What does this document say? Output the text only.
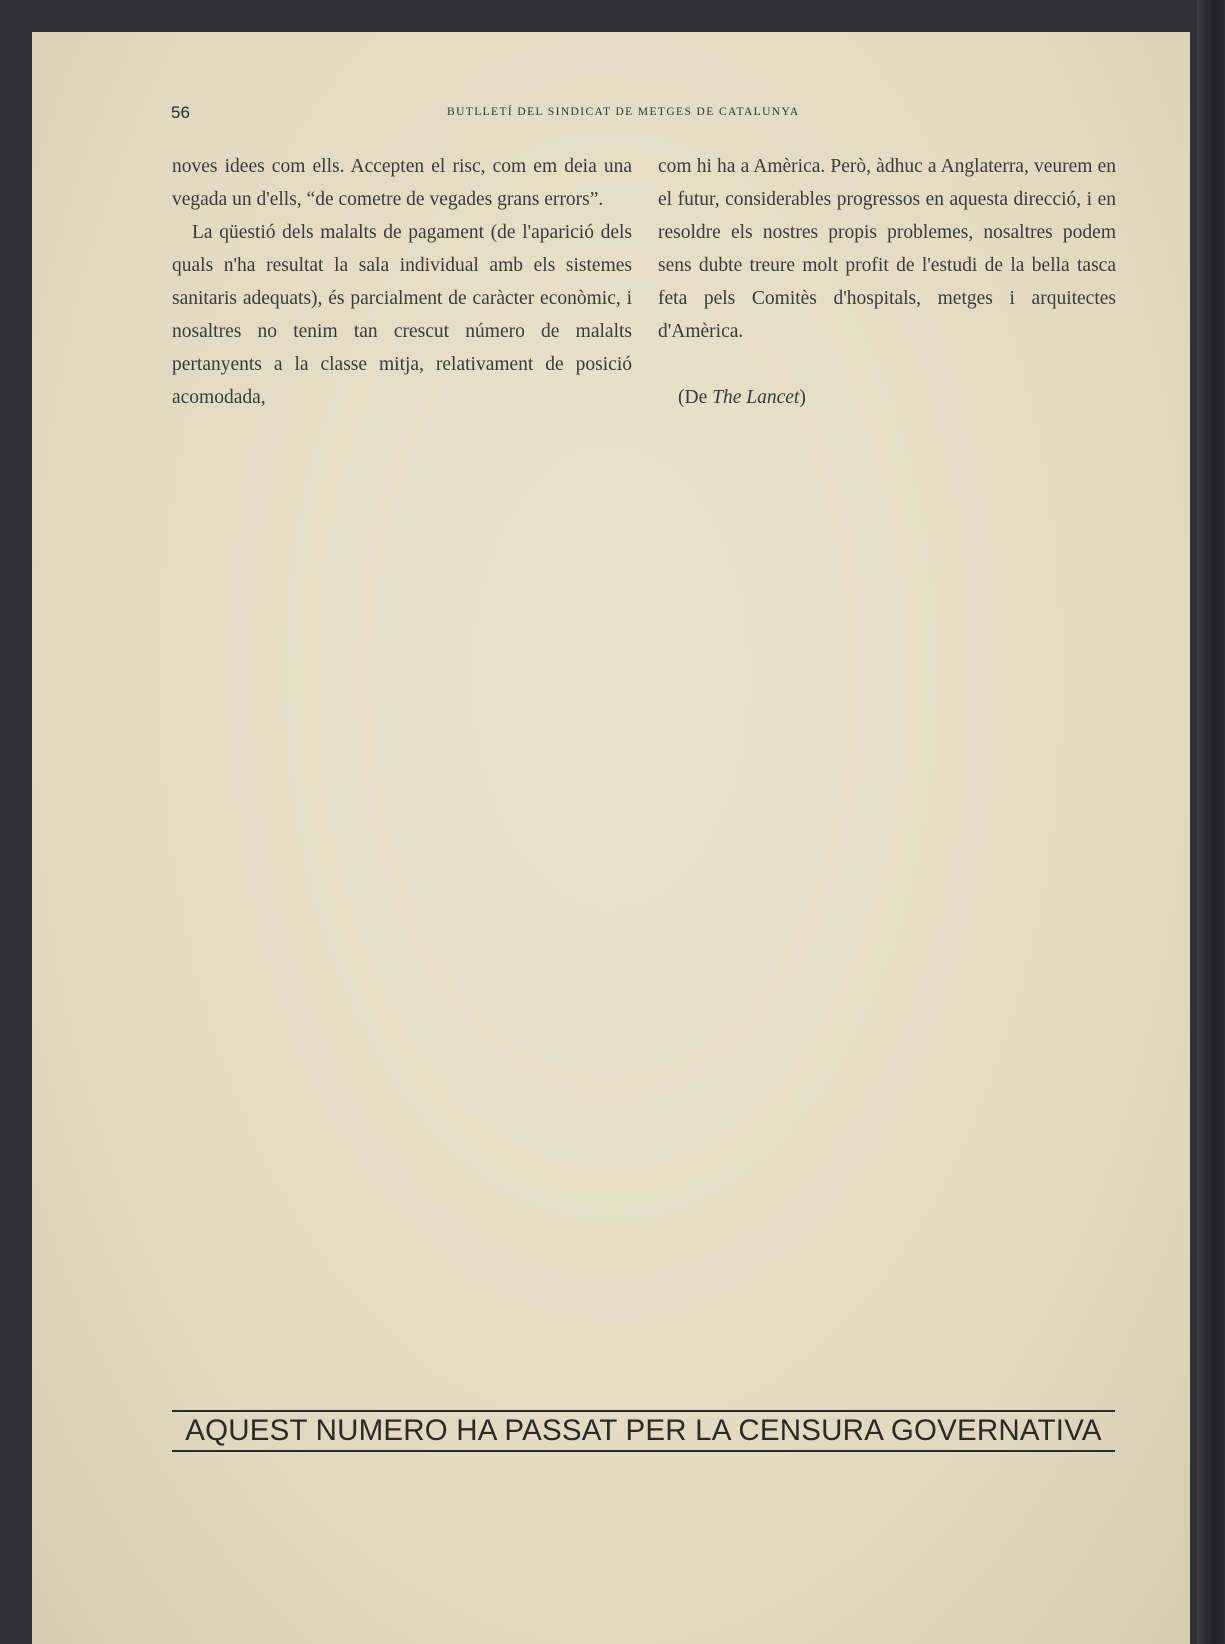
56	BUTLLETÍ DEL SINDICAT DE METGES DE CATALUNYA

noves idees com ells. Accepten el risc, com em deia una vegada un d'ells, “de cometre de vegades grans errors”.

La qüestió dels malalts de pagament (de l'aparició dels quals n'ha resultat la sala individual amb els sistemes sanitaris adequats), és parcialment de caràcter econòmic, i nosaltres no tenim tan crescut número de malalts pertanyents a la classe mitja, relativament de posició acomodada,

com hi ha a Amèrica. Però, àdhuc a Anglaterra, veurem en el futur, considerables progressos en aquesta direcció, i en resoldre els nostres propis problemes, nosaltres podem sens dubte treure molt profit de l'estudi de la bella tasca feta pels Comitès d'hospitals, metges i arquitectes d'Amèrica.

(De The Lancet)

AQUEST NUMERO HA PASSAT PER LA CENSURA GOVERNATIVA
